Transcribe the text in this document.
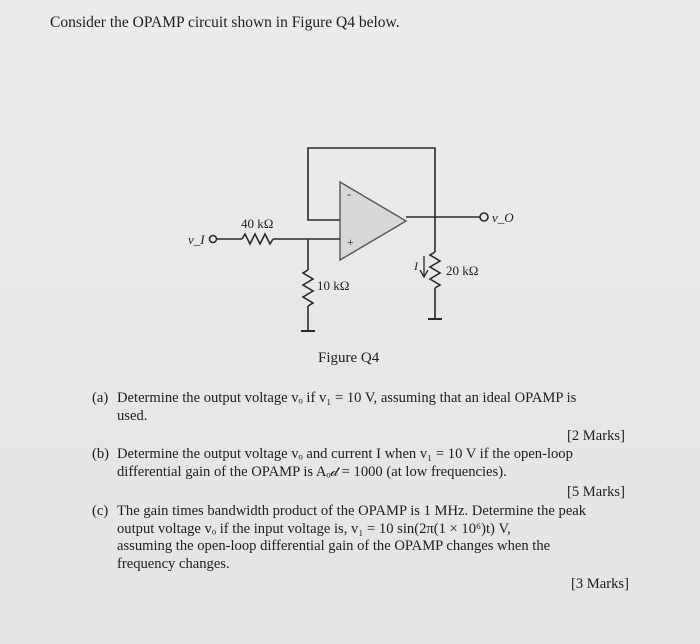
Consider the OPAMP circuit shown in Figure Q4 below.
v_I
40 kΩ
10 kΩ
20 kΩ
v_O
-
+
I
Figure Q4
(a) Determine the output voltage vₒ if v₁ = 10 V, assuming that an ideal OPAMP is
used.
[2 Marks]
(b) Determine the output voltage vₒ and current I when v₁ = 10 V if the open-loop
differential gain of the OPAMP is Aₒ𝒹 = 1000 (at low frequencies).
[5 Marks]
(c) The gain times bandwidth product of the OPAMP is 1 MHz. Determine the peak
output voltage vₒ if the input voltage is, v₁ = 10 sin(2π(1 × 10⁶)t) V,
assuming the open-loop differential gain of the OPAMP changes when the
frequency changes.
[3 Marks]
